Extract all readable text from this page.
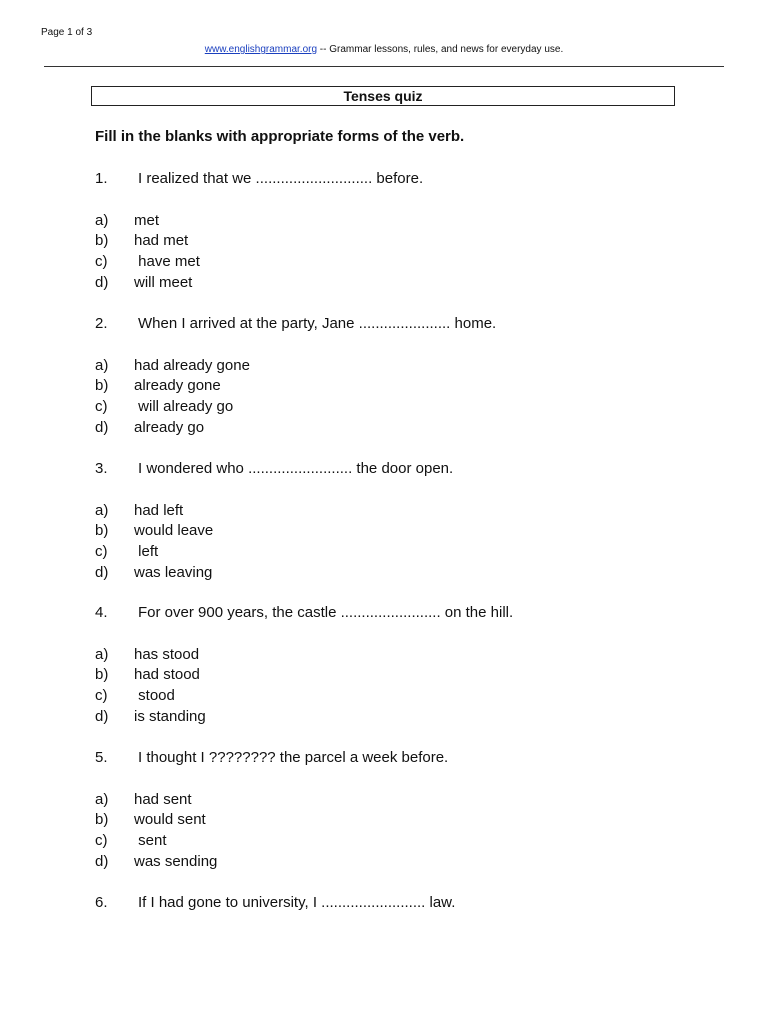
Page 1 of 3
www.englishgrammar.org -- Grammar lessons, rules, and news for everyday use.
Tenses quiz
Fill in the blanks with appropriate forms of the verb.
1. I realized that we ............................ before.
a) met
b) had met
c) have met
d) will meet
2. When I arrived at the party, Jane ...................... home.
a) had already gone
b) already gone
c) will already go
d) already go
3. I wondered who ......................... the door open.
a) had left
b) would leave
c) left
d) was leaving
4. For over 900 years, the castle ........................ on the hill.
a) has stood
b) had stood
c) stood
d) is standing
5. I thought I ???????? the parcel a week before.
a) had sent
b) would sent
c) sent
d) was sending
6. If I had gone to university, I ......................... law.
